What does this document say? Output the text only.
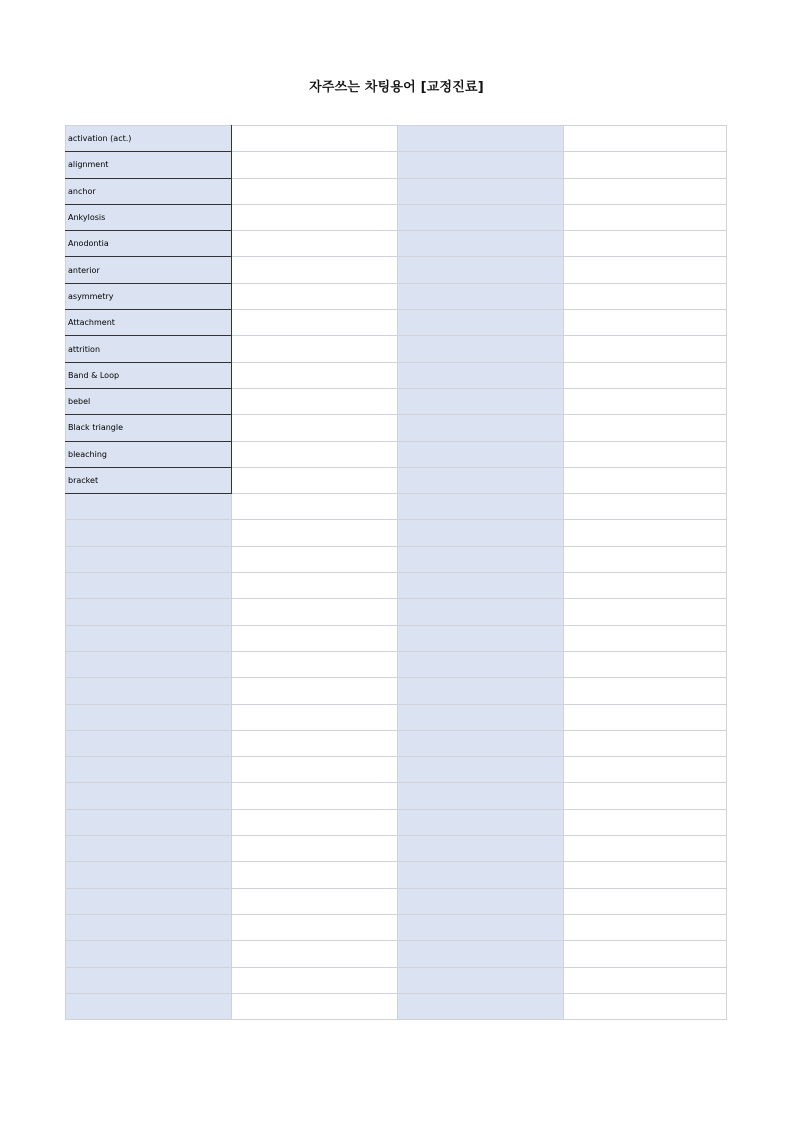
자주쓰는 차팅용어 [교정진료]
activation (act.)			
alignment			
anchor			
Ankylosis			
Anodontia			
anterior			
asymmetry			
Attachment			
attrition			
Band & Loop			
bebel			
Black triangle			
bleaching			
bracket			
